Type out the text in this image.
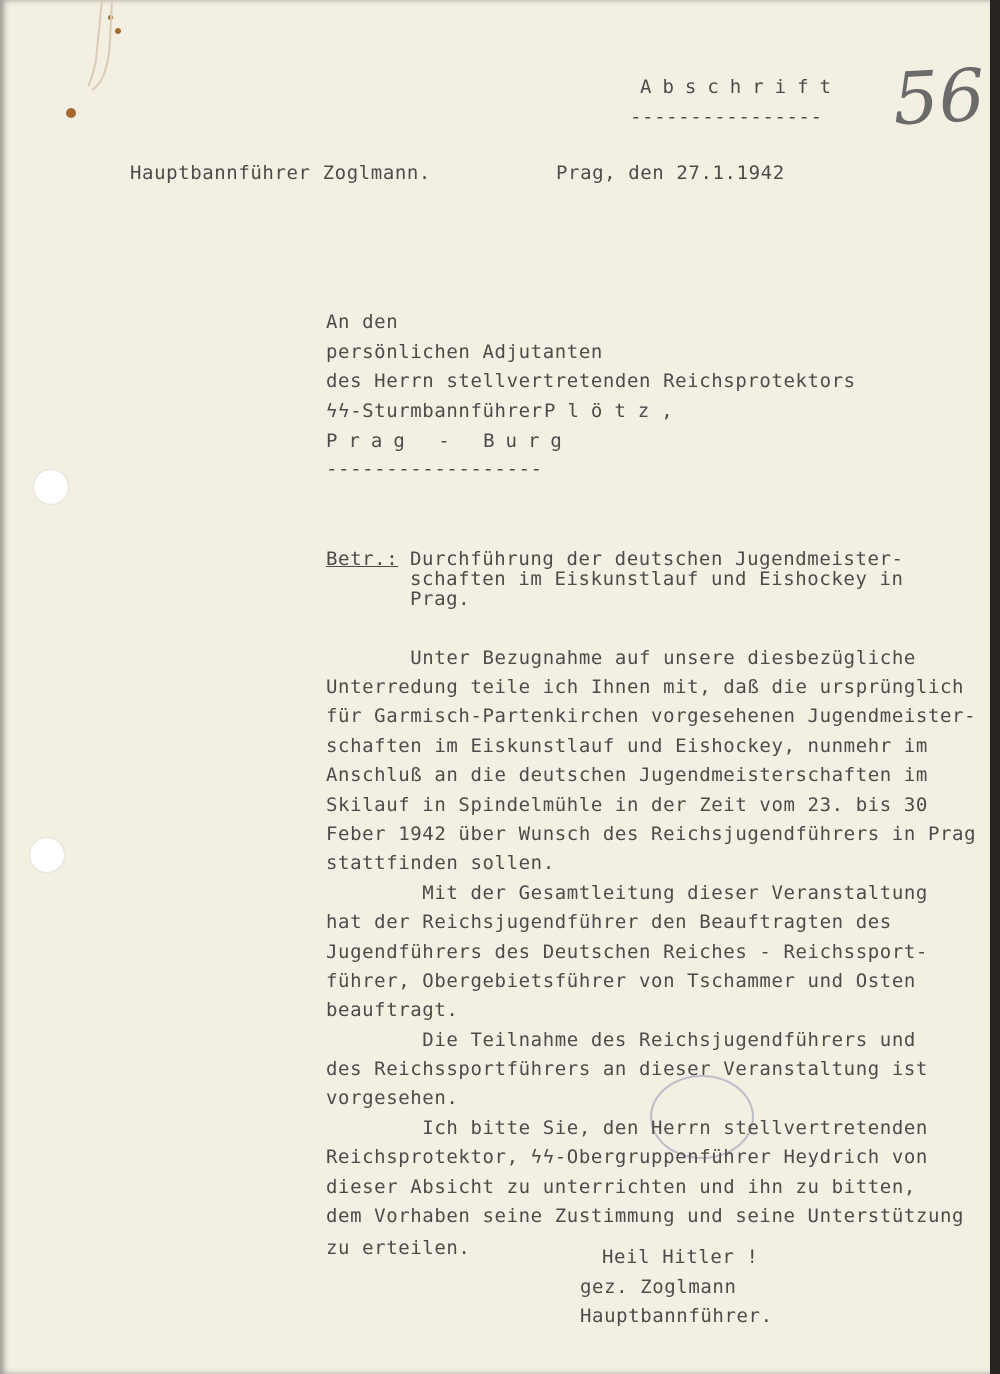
56
Abschrift
----------------
Hauptbannführer Zoglmann.	Prag, den 27.1.1942
An den
persönlichen Adjutanten
des Herrn stellvertretenden Reichsprotektors
ϟϟ-Sturmbannführer Plötz,
Prag - Burg
------------------
Betr.: Durchführung der deutschen Jugendmeister-
schaften im Eiskunstlauf und Eishockey in
Prag.
Unter Bezugnahme auf unsere diesbezügliche
Unterredung teile ich Ihnen mit, daß die ursprünglich
für Garmisch-Partenkirchen vorgesehenen Jugendmeister-
schaften im Eiskunstlauf und Eishockey, nunmehr im
Anschluß an die deutschen Jugendmeisterschaften im
Skilauf in Spindelmühle in der Zeit vom 23. bis 30
Feber 1942 über Wunsch des Reichsjugendführers in Prag
stattfinden sollen.
Mit der Gesamtleitung dieser Veranstaltung
hat der Reichsjugendführer den Beauftragten des
Jugendführers des Deutschen Reiches - Reichssport-
führer, Obergebietsführer von Tschammer und Osten
beauftragt.
Die Teilnahme des Reichsjugendführers und
des Reichssportführers an dieser Veranstaltung ist
vorgesehen.
Ich bitte Sie, den Herrn stellvertretenden
Reichsprotektor, ϟϟ-Obergruppenführer Heydrich von
dieser Absicht zu unterrichten und ihn zu bitten,
dem Vorhaben seine Zustimmung und seine Unterstützung
zu erteilen.	Heil Hitler !
gez. Zoglmann
Hauptbannführer.
